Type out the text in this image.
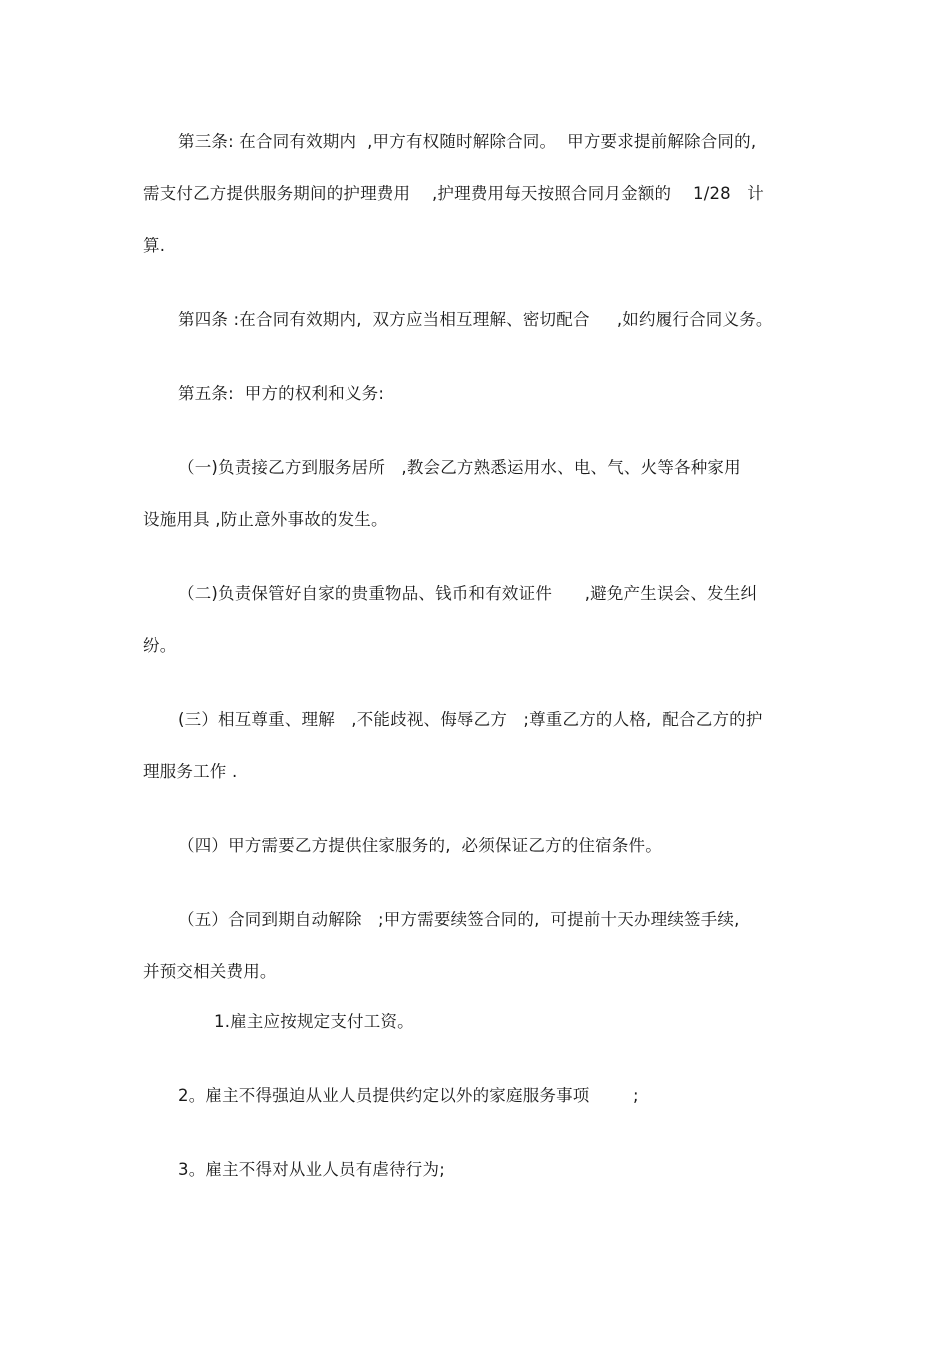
第三条: 在合同有效期内  ,甲方有权随时解除合同。  甲方要求提前解除合同的,
需支付乙方提供服务期间的护理费用    ,护理费用每天按照合同月金额的    1/28   计
算.
第四条 :在合同有效期内,  双方应当相互理解、密切配合     ,如约履行合同义务。
第五条:  甲方的权利和义务:
（一)负责接乙方到服务居所   ,教会乙方熟悉运用水、电、气、火等各种家用
设施用具 ,防止意外事故的发生。
（二)负责保管好自家的贵重物品、钱币和有效证件      ,避免产生误会、发生纠
纷。
(三）相互尊重、理解   ,不能歧视、侮辱乙方   ;尊重乙方的人格,  配合乙方的护
理服务工作 .
（四）甲方需要乙方提供住家服务的,  必须保证乙方的住宿条件。
（五）合同到期自动解除   ;甲方需要续签合同的,  可提前十天办理续签手续,
并预交相关费用。
1.雇主应按规定支付工资。
2。雇主不得强迫从业人员提供约定以外的家庭服务事项        ;
3。雇主不得对从业人员有虐待行为;
